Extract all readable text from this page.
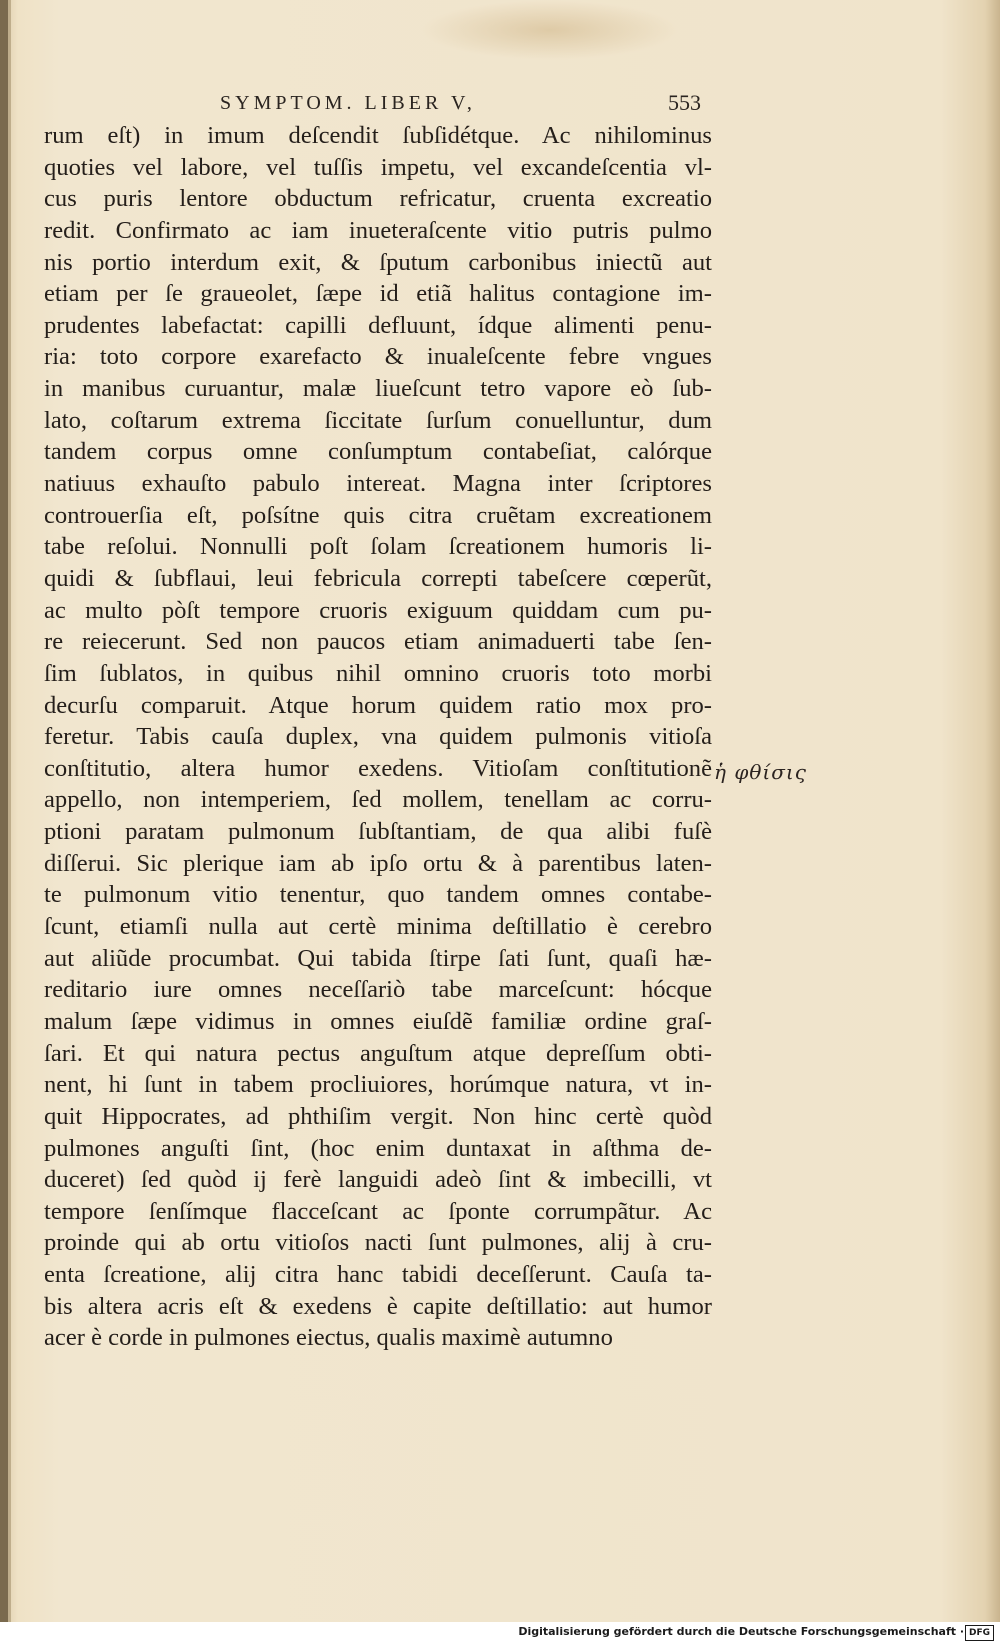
SYMPTOM. LIBER V,	553
rum eſt) in imum deſcendit ſubſidétque. Ac nihilominus
quoties vel labore, vel tuſſis impetu, vel excandeſcentia vl-
cus puris lentore obductum refricatur, cruenta excreatio
redit. Confirmato ac iam inueteraſcente vitio putris pulmo
nis portio interdum exit, & ſputum carbonibus iniectũ aut
etiam per ſe graueolet, ſæpe id etiã halitus contagione im-
prudentes labefactat: capilli defluunt, ídque alimenti penu-
ria: toto corpore exarefacto & inualeſcente febre vngues
in manibus curuantur, malæ liueſcunt tetro vapore eò ſub-
lato, coſtarum extrema ſiccitate ſurſum conuelluntur, dum
tandem corpus omne conſumptum contabeſiat, calórque
natiuus exhauſto pabulo intereat. Magna inter ſcriptores
controuerſia eſt, poſsítne quis citra cruẽtam excreationem
tabe reſolui. Nonnulli poſt ſolam ſcreationem humoris li-
quidi & ſubflaui, leui febricula correpti tabeſcere cœperũt,
ac multo pòſt tempore cruoris exiguum quiddam cum pu-
re reiecerunt. Sed non paucos etiam animaduerti tabe ſen-
ſim ſublatos, in quibus nihil omnino cruoris toto morbi
decurſu comparuit. Atque horum quidem ratio mox pro-
feretur. Tabis cauſa duplex, vna quidem pulmonis vitioſa
conſtitutio, altera humor exedens. Vitioſam conſtitutionẽ
appello, non intemperiem, ſed mollem, tenellam ac corru-
ptioni paratam pulmonum ſubſtantiam, de qua alibi fuſè
diſſerui. Sic plerique iam ab ipſo ortu & à parentibus laten-
te pulmonum vitio tenentur, quo tandem omnes contabe-
ſcunt, etiamſi nulla aut certè minima deſtillatio è cerebro
aut aliũde procumbat. Qui tabida ſtirpe ſati ſunt, quaſi hæ-
reditario iure omnes neceſſariò tabe marceſcunt: hócque
malum ſæpe vidimus in omnes eiuſdẽ familiæ ordine graſ-
ſari. Et qui natura pectus anguſtum atque depreſſum obti-
nent, hi ſunt in tabem procliuiores, horúmque natura, vt in-
quit Hippocrates, ad phthiſim vergit. Non hinc certè quòd
pulmones anguſti ſint, (hoc enim duntaxat in aſthma de-
duceret) ſed quòd ij ferè languidi adeò ſint & imbecilli, vt
tempore ſenſímque flacceſcant ac ſponte corrumpãtur. Ac
proinde qui ab ortu vitioſos nacti ſunt pulmones, alij à cru-
enta ſcreatione, alij citra hanc tabidi deceſſerunt. Cauſa ta-
bis altera acris eſt & exedens è capite deſtillatio: aut humor
acer è corde in pulmones eiectus, qualis maximè autumno
ἡ φθίσις
Digitalisierung gefördert durch die Deutsche Forschungsgemeinschaft · DFG
